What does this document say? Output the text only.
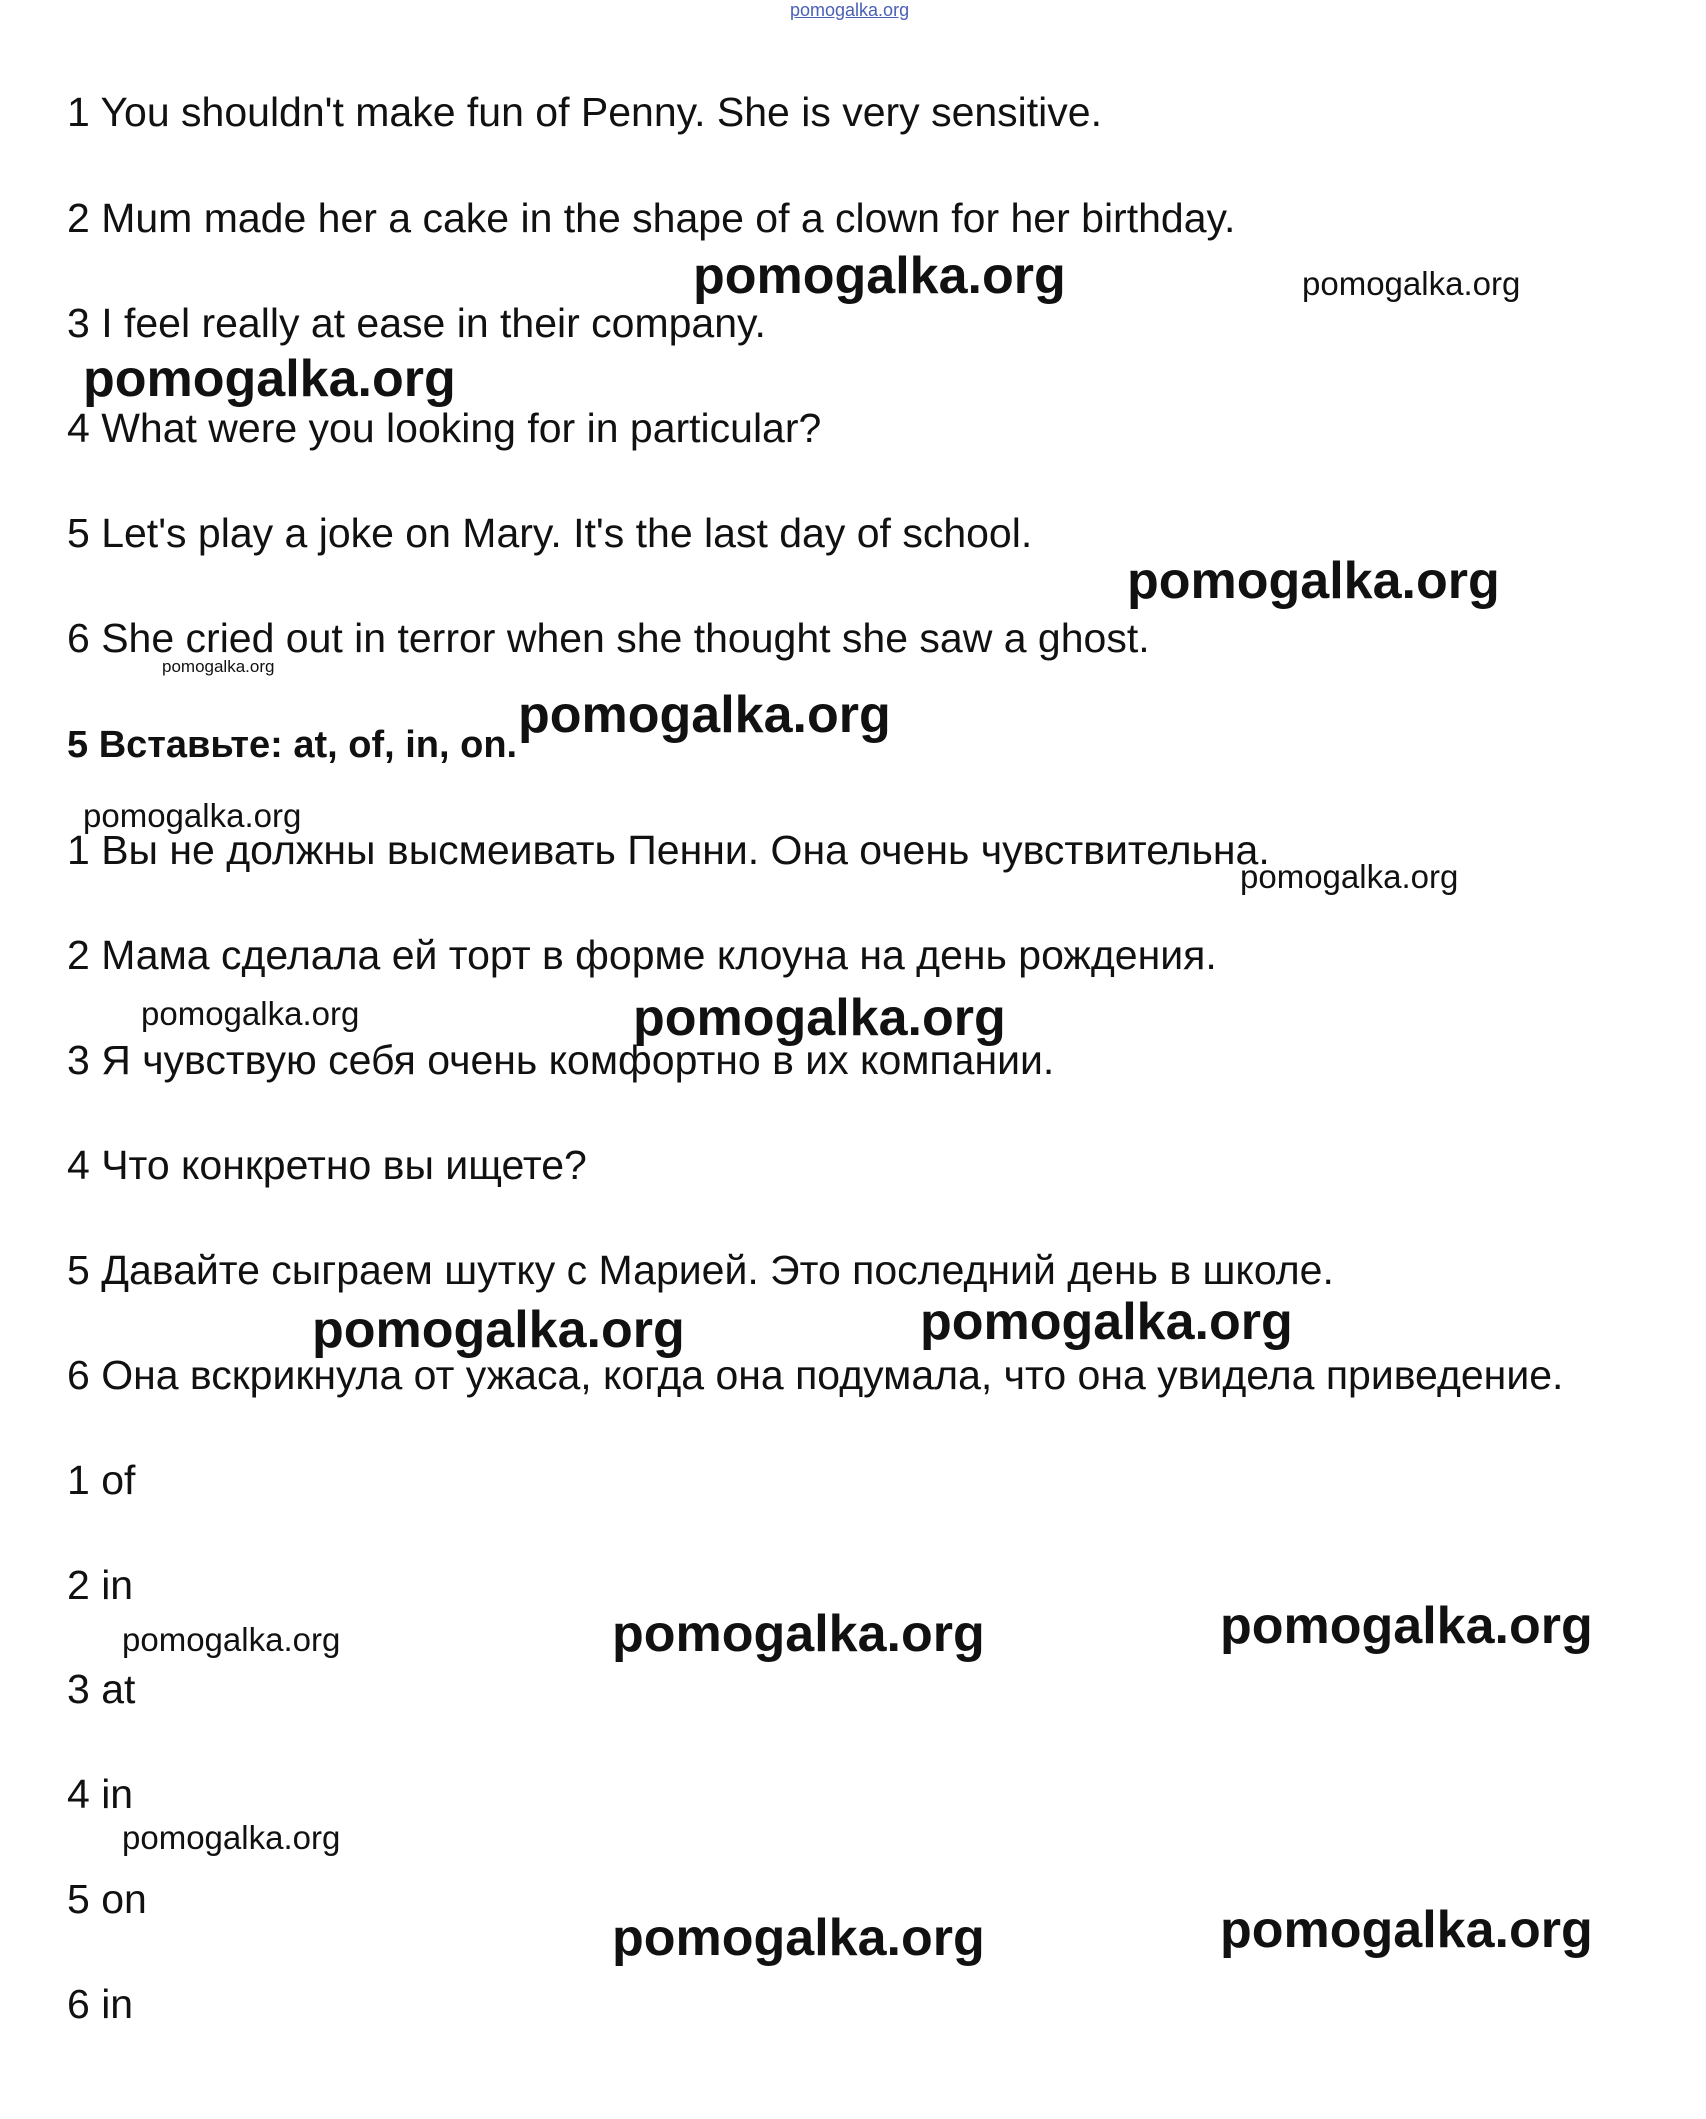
pomogalka.org
1 You shouldn't make fun of Penny. She is very sensitive.
2 Mum made her a cake in the shape of a clown for her birthday.
3 I feel really at ease in their company.
4 What were you looking for in particular?
5 Let's play a joke on Mary. It's the last day of school.
6 She cried out in terror when she thought she saw a ghost.
5 Вставьте: at, of, in, on.
1 Вы не должны высмеивать Пенни. Она очень чувствительна.
2 Мама сделала ей торт в форме клоуна на день рождения.
3 Я чувствую себя очень комфортно в их компании.
4 Что конкретно вы ищете?
5 Давайте сыграем шутку с Марией. Это последний день в школе.
6 Она вскрикнула от ужаса, когда она подумала, что она увидела приведение.
1 of
2 in
3 at
4 in
5 on
6 in
pomogalka.org	pomogalka.org
pomogalka.org
pomogalka.org
pomogalka.org
pomogalka.org
pomogalka.org
pomogalka.org
pomogalka.org	pomogalka.org
pomogalka.org	pomogalka.org
pomogalka.org	pomogalka.org	pomogalka.org
pomogalka.org
pomogalka.org	pomogalka.org
